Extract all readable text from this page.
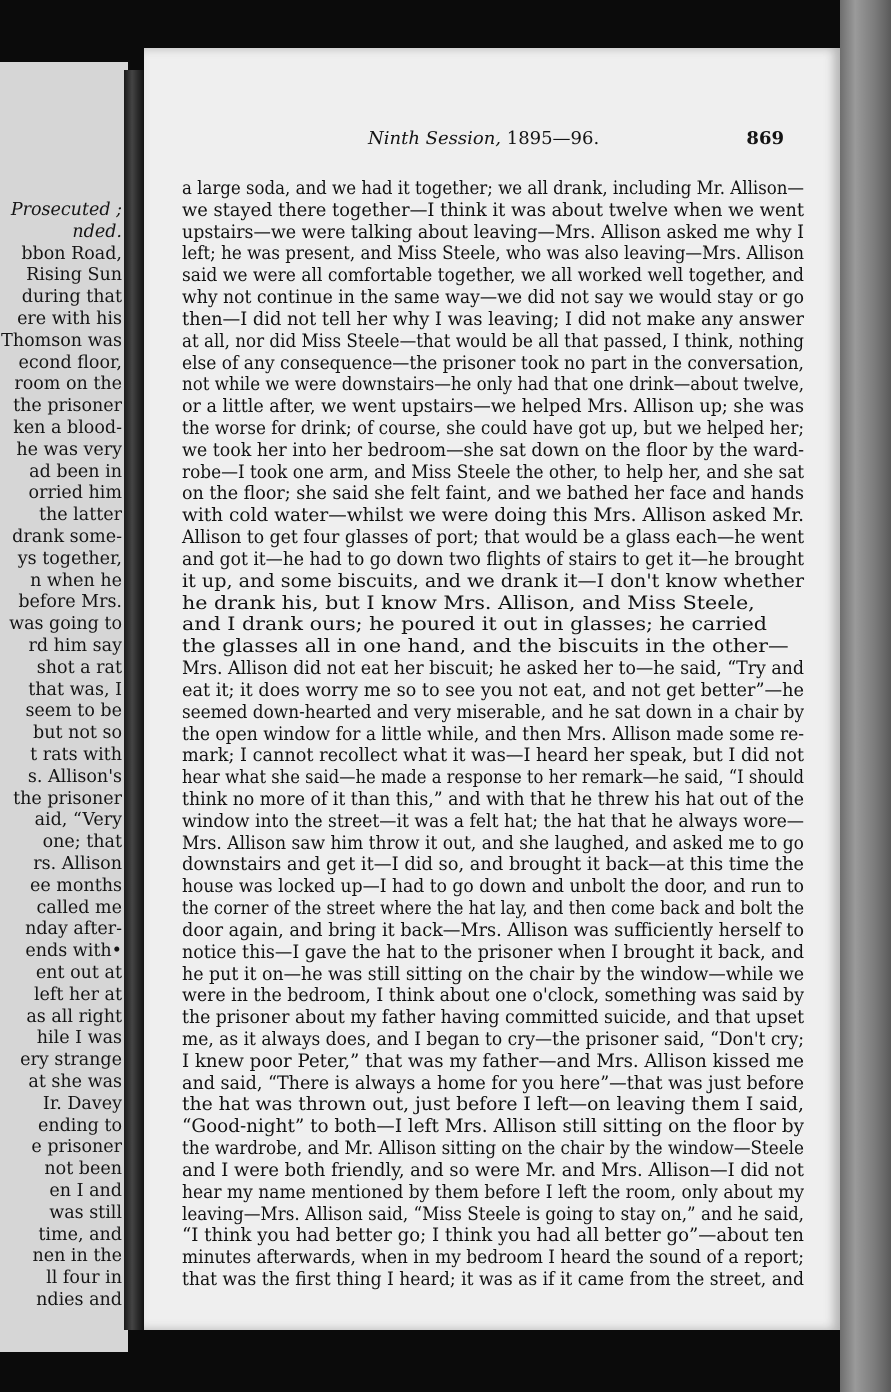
Prosecuted ;
nded.
bbon Road,
Rising Sun
during that
ere with his
Thomson was
econd floor,
room on the
the prisoner
ken a blood-
he was very
ad been in
orried him
the latter
drank some-
ys together,
n when he
before Mrs.
was going to
rd him say
shot a rat
that was, I
seem to be
but not so
t rats with
s. Allison's
the prisoner
aid, “Very
one; that
rs. Allison
ee months
called me
nday after-
ends with•
ent out at
left her at
as all right
hile I was
ery strange
at she was
Ir. Davey
ending to
e prisoner
not been
en I and
was still
time, and
nen in the
ll four in
ndies and
Ninth Session, 1895—96.	869
a large soda, and we had it together; we all drank, including Mr. Allison—
we stayed there together—I think it was about twelve when we went
upstairs—we were talking about leaving—Mrs. Allison asked me why I
left; he was present, and Miss Steele, who was also leaving—Mrs. Allison
said we were all comfortable together, we all worked well together, and
why not continue in the same way—we did not say we would stay or go
then—I did not tell her why I was leaving; I did not make any answer
at all, nor did Miss Steele—that would be all that passed, I think, nothing
else of any consequence—the prisoner took no part in the conversation,
not while we were downstairs—he only had that one drink—about twelve,
or a little after, we went upstairs—we helped Mrs. Allison up; she was
the worse for drink; of course, she could have got up, but we helped her;
we took her into her bedroom—she sat down on the floor by the ward-
robe—I took one arm, and Miss Steele the other, to help her, and she sat
on the floor; she said she felt faint, and we bathed her face and hands
with cold water—whilst we were doing this Mrs. Allison asked Mr.
Allison to get four glasses of port; that would be a glass each—he went
and got it—he had to go down two flights of stairs to get it—he brought
it up, and some biscuits, and we drank it—I don't know whether
he drank his, but I know Mrs. Allison, and Miss Steele,
and I drank ours; he poured it out in glasses; he carried
the glasses all in one hand, and the biscuits in the other—
Mrs. Allison did not eat her biscuit; he asked her to—he said, “Try and
eat it; it does worry me so to see you not eat, and not get better”—he
seemed down-hearted and very miserable, and he sat down in a chair by
the open window for a little while, and then Mrs. Allison made some re-
mark; I cannot recollect what it was—I heard her speak, but I did not
hear what she said—he made a response to her remark—he said, “I should
think no more of it than this,” and with that he threw his hat out of the
window into the street—it was a felt hat; the hat that he always wore—
Mrs. Allison saw him throw it out, and she laughed, and asked me to go
downstairs and get it—I did so, and brought it back—at this time the
house was locked up—I had to go down and unbolt the door, and run to
the corner of the street where the hat lay, and then come back and bolt the
door again, and bring it back—Mrs. Allison was sufficiently herself to
notice this—I gave the hat to the prisoner when I brought it back, and
he put it on—he was still sitting on the chair by the window—while we
were in the bedroom, I think about one o'clock, something was said by
the prisoner about my father having committed suicide, and that upset
me, as it always does, and I began to cry—the prisoner said, “Don't cry;
I knew poor Peter,” that was my father—and Mrs. Allison kissed me
and said, “There is always a home for you here”—that was just before
the hat was thrown out, just before I left—on leaving them I said,
“Good-night” to both—I left Mrs. Allison still sitting on the floor by
the wardrobe, and Mr. Allison sitting on the chair by the window—Steele
and I were both friendly, and so were Mr. and Mrs. Allison—I did not
hear my name mentioned by them before I left the room, only about my
leaving—Mrs. Allison said, “Miss Steele is going to stay on,” and he said,
“I think you had better go; I think you had all better go”—about ten
minutes afterwards, when in my bedroom I heard the sound of a report;
that was the first thing I heard; it was as if it came from the street, and
